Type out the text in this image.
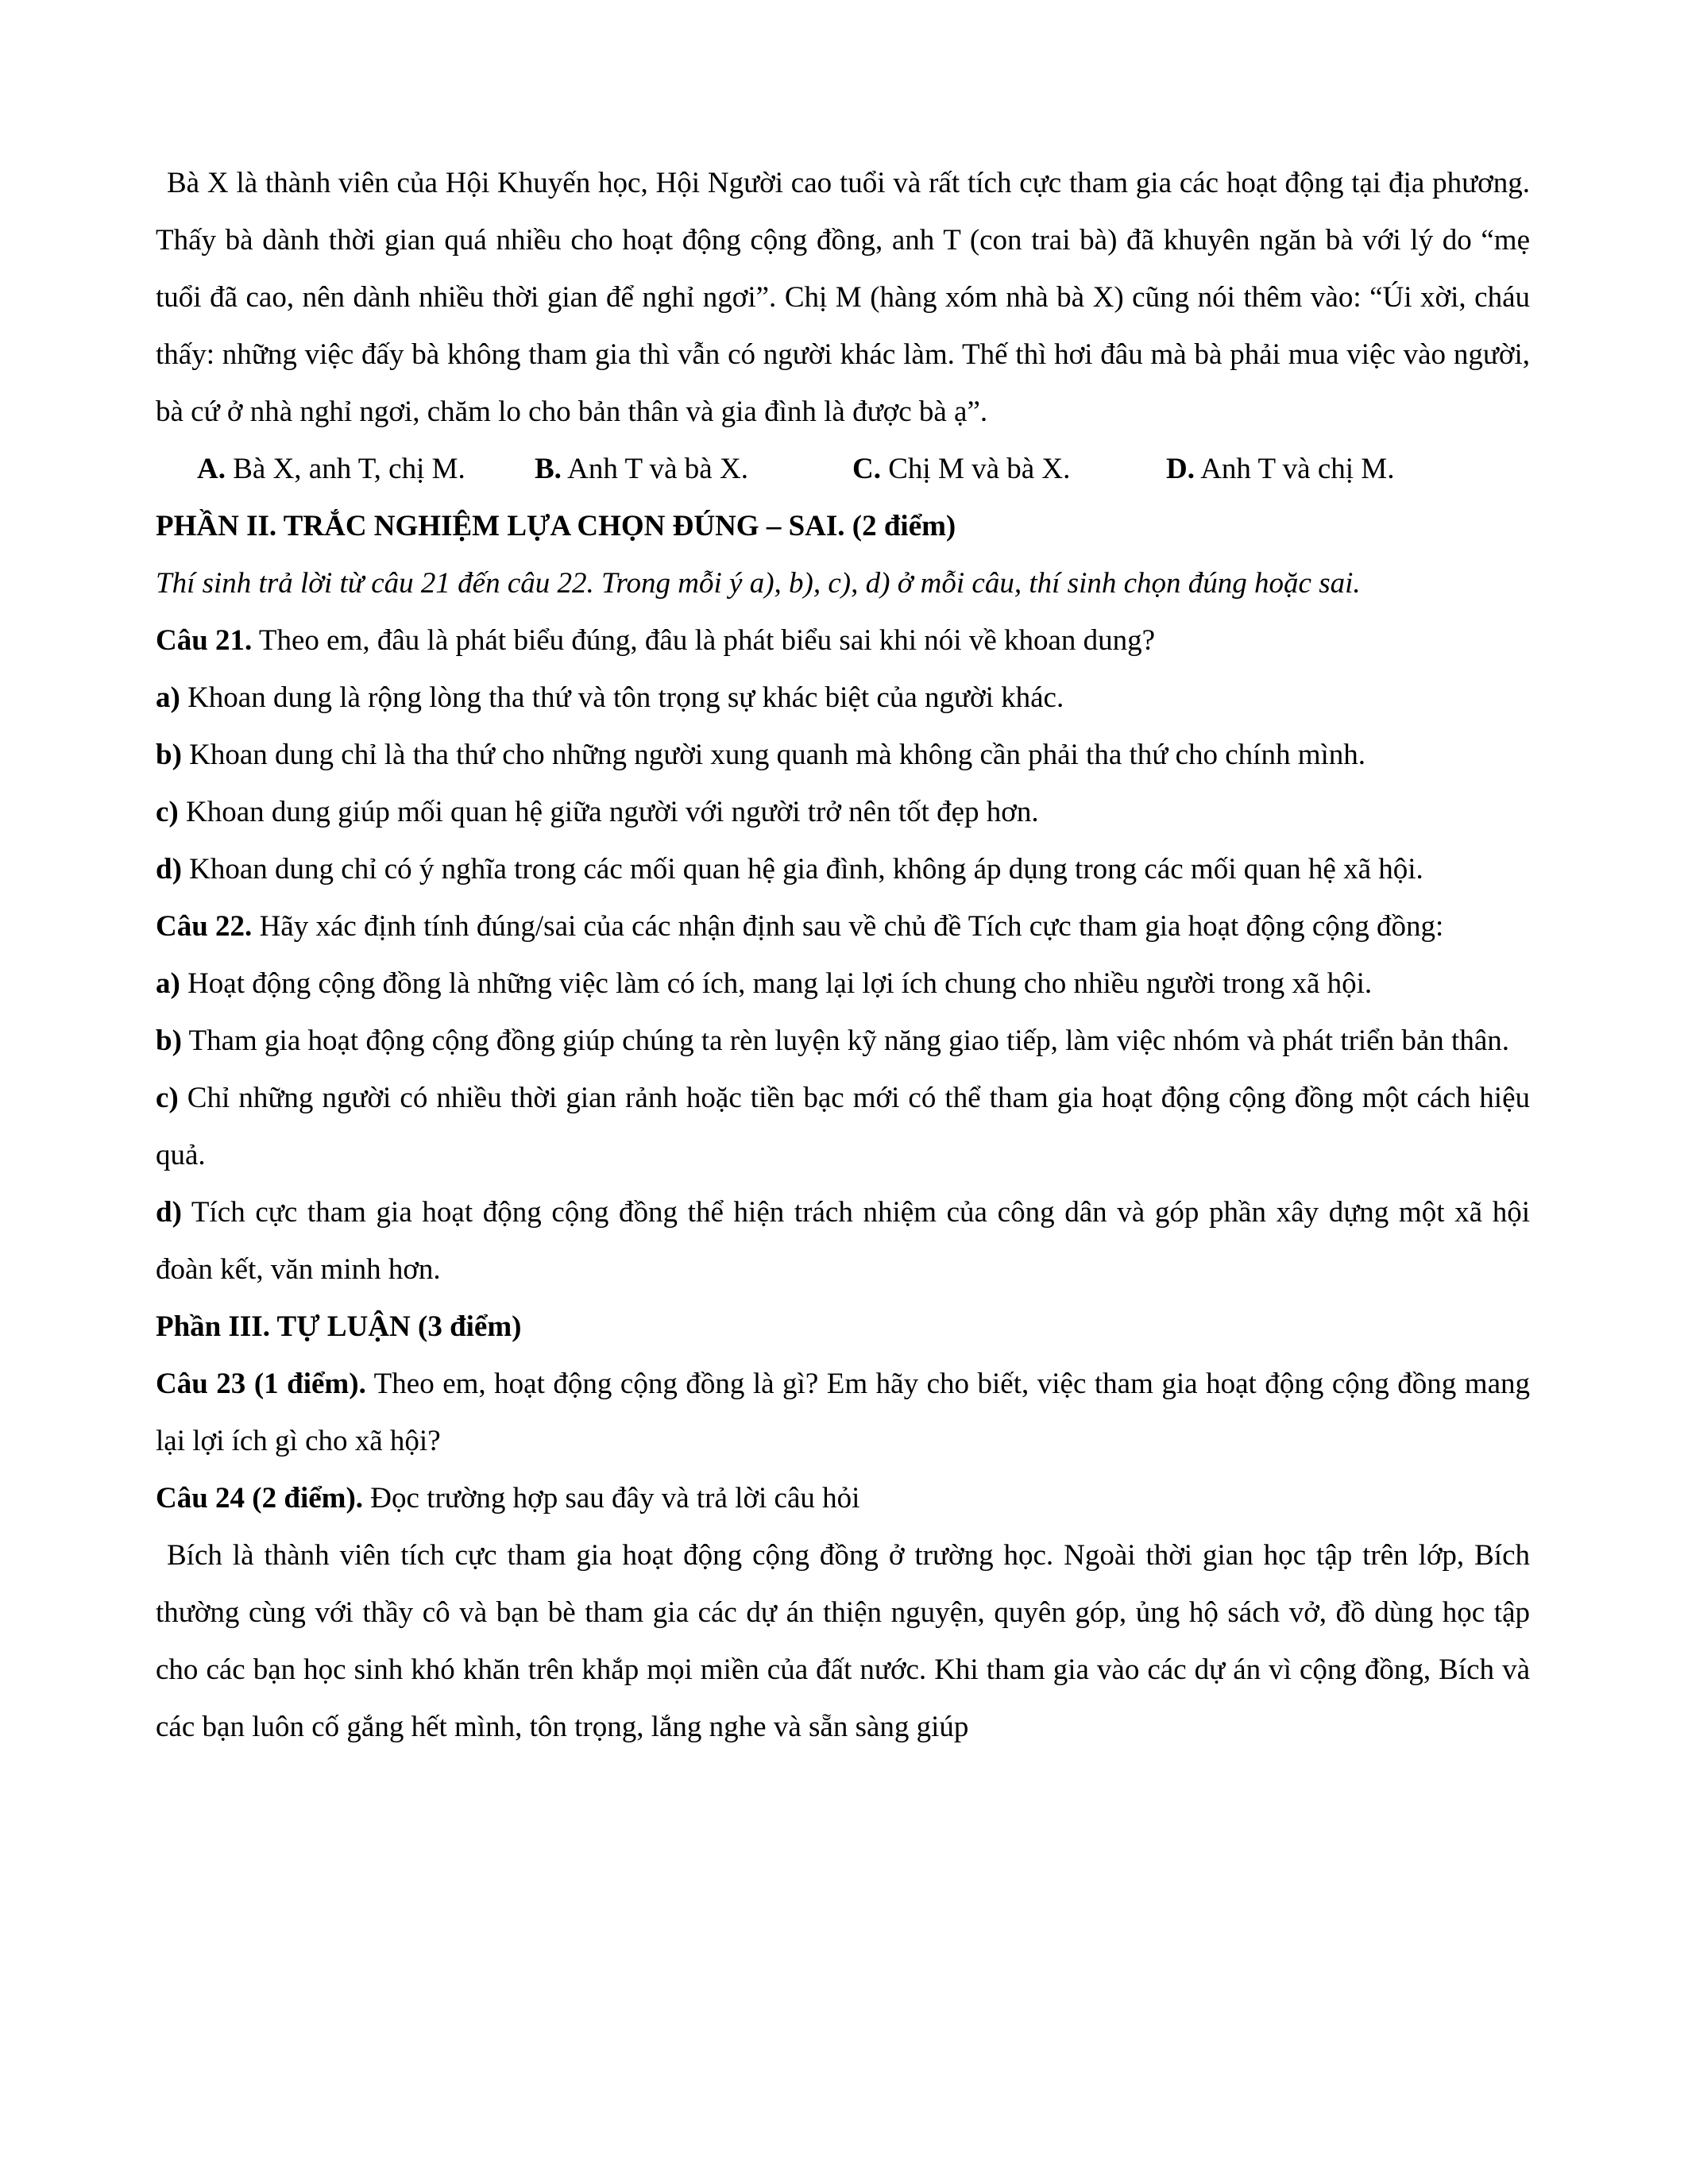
Bà X là thành viên của Hội Khuyến học, Hội Người cao tuổi và rất tích cực tham gia các hoạt động tại địa phương. Thấy bà dành thời gian quá nhiều cho hoạt động cộng đồng, anh T (con trai bà) đã khuyên ngăn bà với lý do “mẹ tuổi đã cao, nên dành nhiều thời gian để nghỉ ngơi”. Chị M (hàng xóm nhà bà X) cũng nói thêm vào: “Úi xời, cháu thấy: những việc đấy bà không tham gia thì vẫn có người khác làm. Thế thì hơi đâu mà bà phải mua việc vào người, bà cứ ở nhà nghỉ ngơi, chăm lo cho bản thân và gia đình là được bà ạ”.

A. Bà X, anh T, chị M.	B. Anh T và bà X.	C. Chị M và bà X.	D. Anh T và chị M.

PHẦN II. TRẮC NGHIỆM LỰA CHỌN ĐÚNG – SAI. (2 điểm)

Thí sinh trả lời từ câu 21 đến câu 22. Trong mỗi ý a), b), c), d) ở mỗi câu, thí sinh chọn đúng hoặc sai.

Câu 21. Theo em, đâu là phát biểu đúng, đâu là phát biểu sai khi nói về khoan dung?

a) Khoan dung là rộng lòng tha thứ và tôn trọng sự khác biệt của người khác.

b) Khoan dung chỉ là tha thứ cho những người xung quanh mà không cần phải tha thứ cho chính mình.

c) Khoan dung giúp mối quan hệ giữa người với người trở nên tốt đẹp hơn.

d) Khoan dung chỉ có ý nghĩa trong các mối quan hệ gia đình, không áp dụng trong các mối quan hệ xã hội.

Câu 22. Hãy xác định tính đúng/sai của các nhận định sau về chủ đề Tích cực tham gia hoạt động cộng đồng:

a) Hoạt động cộng đồng là những việc làm có ích, mang lại lợi ích chung cho nhiều người trong xã hội.

b) Tham gia hoạt động cộng đồng giúp chúng ta rèn luyện kỹ năng giao tiếp, làm việc nhóm và phát triển bản thân.

c) Chỉ những người có nhiều thời gian rảnh hoặc tiền bạc mới có thể tham gia hoạt động cộng đồng một cách hiệu quả.

d) Tích cực tham gia hoạt động cộng đồng thể hiện trách nhiệm của công dân và góp phần xây dựng một xã hội đoàn kết, văn minh hơn.

Phần III. TỰ LUẬN (3 điểm)

Câu 23 (1 điểm). Theo em, hoạt động cộng đồng là gì? Em hãy cho biết, việc tham gia hoạt động cộng đồng mang lại lợi ích gì cho xã hội?

Câu 24 (2 điểm). Đọc trường hợp sau đây và trả lời câu hỏi

Bích là thành viên tích cực tham gia hoạt động cộng đồng ở trường học. Ngoài thời gian học tập trên lớp, Bích thường cùng với thầy cô và bạn bè tham gia các dự án thiện nguyện, quyên góp, ủng hộ sách vở, đồ dùng học tập cho các bạn học sinh khó khăn trên khắp mọi miền của đất nước. Khi tham gia vào các dự án vì cộng đồng, Bích và các bạn luôn cố gắng hết mình, tôn trọng, lắng nghe và sẵn sàng giúp
